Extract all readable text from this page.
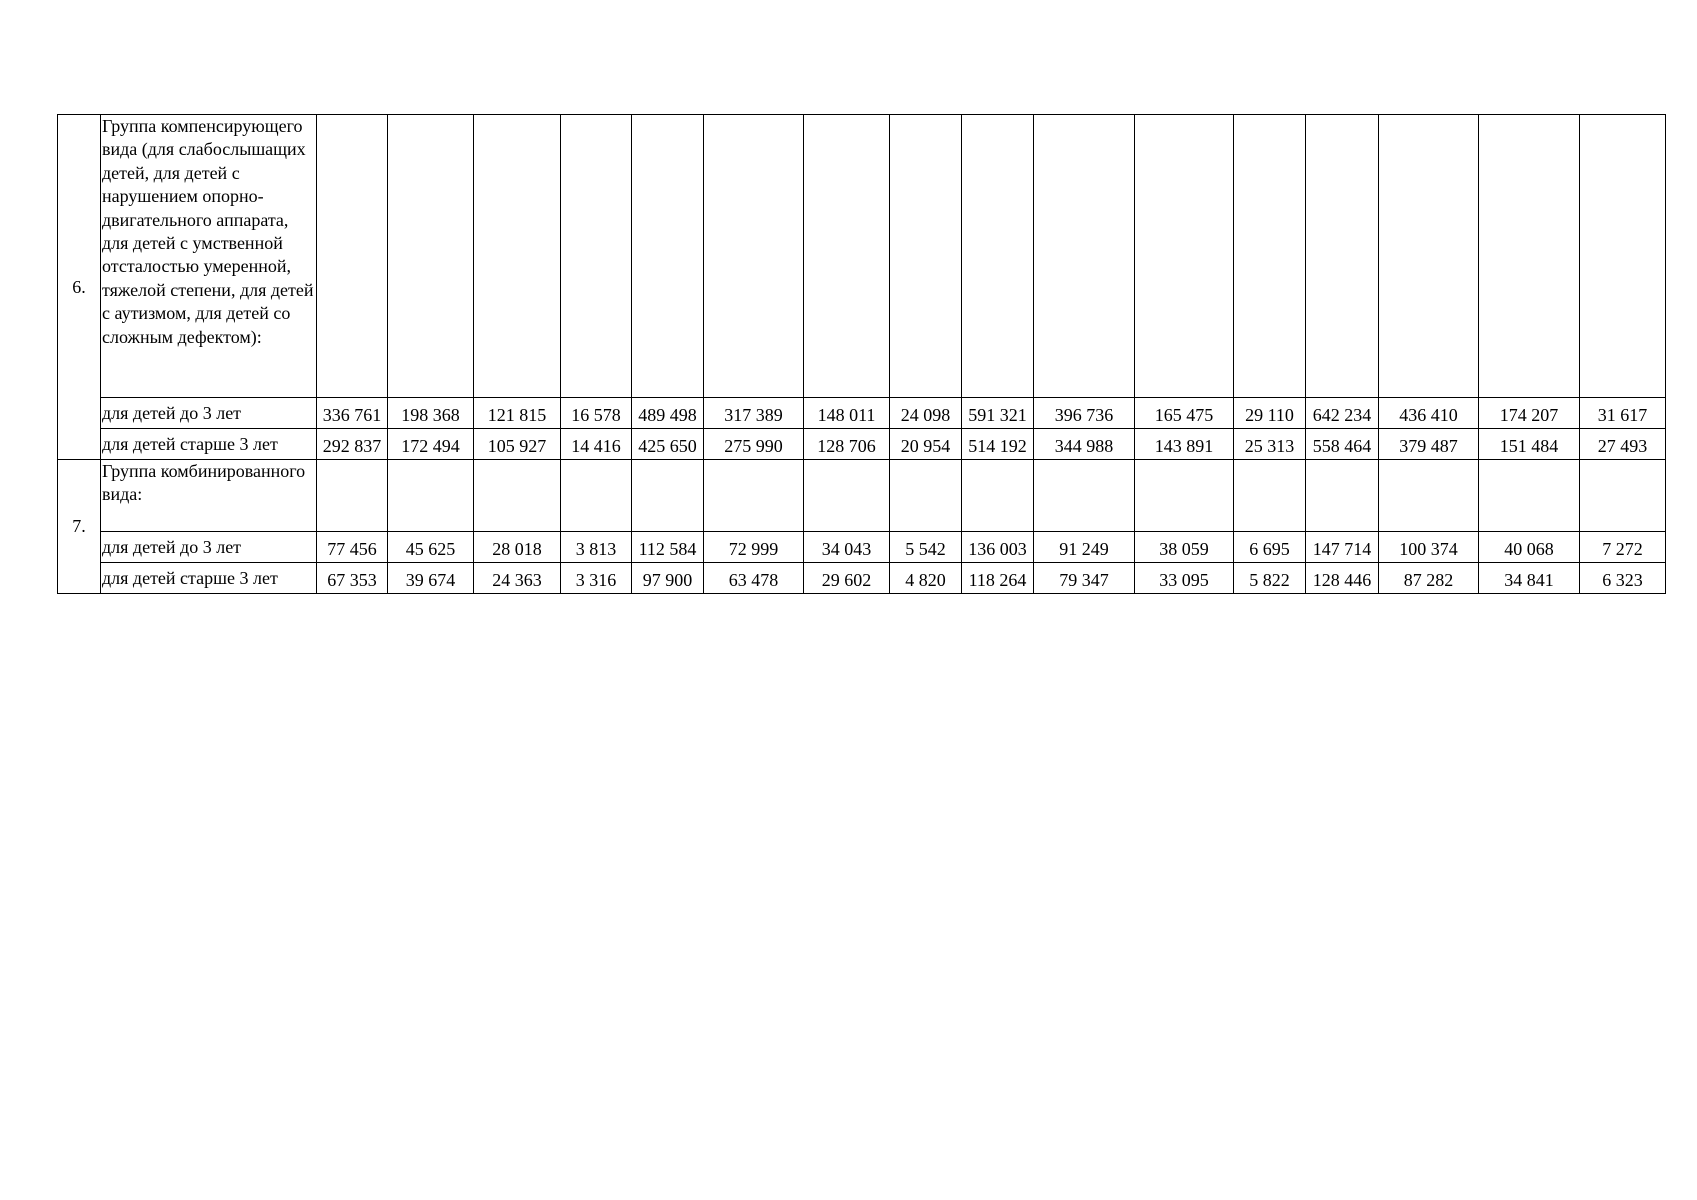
6.	Группа компенсирующего вида (для слабослышащих детей, для детей с нарушением опорно-двигательного аппарата, для детей с умственной отсталостью умеренной, тяжелой степени, для детей с аутизмом, для детей со сложным дефектом):																
	для детей до 3 лет	336 761	198 368	121 815	16 578	489 498	317 389	148 011	24 098	591 321	396 736	165 475	29 110	642 234	436 410	174 207	31 617
	для детей старше 3 лет	292 837	172 494	105 927	14 416	425 650	275 990	128 706	20 954	514 192	344 988	143 891	25 313	558 464	379 487	151 484	27 493
7.	Группа комбинированного вида:																
	для детей до 3 лет	77 456	45 625	28 018	3 813	112 584	72 999	34 043	5 542	136 003	91 249	38 059	6 695	147 714	100 374	40 068	7 272
	для детей старше 3 лет	67 353	39 674	24 363	3 316	97 900	63 478	29 602	4 820	118 264	79 347	33 095	5 822	128 446	87 282	34 841	6 323
